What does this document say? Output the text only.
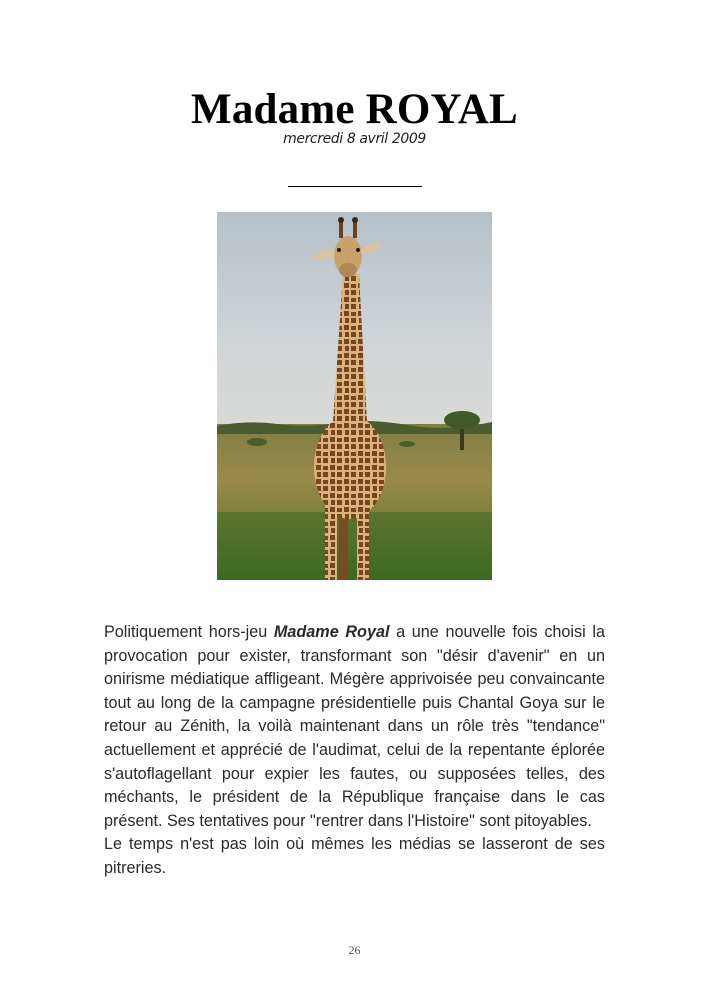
Madame ROYAL
mercredi 8 avril 2009

Politiquement hors-jeu Madame Royal a une nouvelle fois choisi la provocation pour exister, transformant son "désir d'avenir" en un onirisme médiatique affligeant. Mégère apprivoisée peu convaincante tout au long de la campagne présidentielle puis Chantal Goya sur le retour au Zénith, la voilà maintenant dans un rôle très "tendance" actuellement et apprécié de l'audimat, celui de la repentante éplorée s'autoflagellant pour expier les fautes, ou supposées telles, des méchants, le président de la République française dans le cas présent. Ses tentatives pour "rentrer dans l'Histoire" sont pitoyables.

Le temps n'est pas loin où mêmes les médias se lasseront de ses pitreries.

26
